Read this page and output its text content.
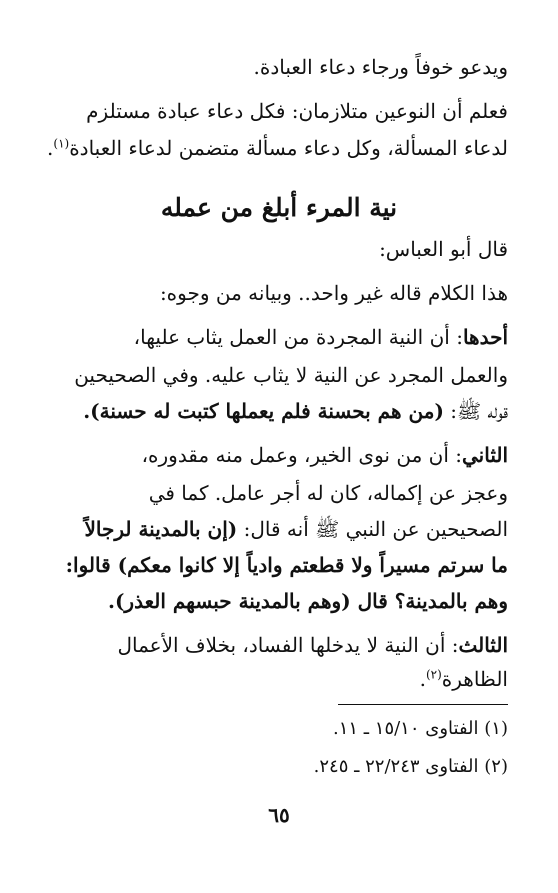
ويدعو خوفاً ورجاء دعاء العبادة.
فعلم أن النوعين متلازمان: فكل دعاء عبادة مستلزم
لدعاء المسألة، وكل دعاء مسألة متضمن لدعاء العبادة$^{(١)}$.
نية المرء أبلغ من عمله
قال أبو العباس:
هذا الكلام قاله غير واحد.. وبيانه من وجوه:
أحدها: أن النية المجردة من العمل يثاب عليها،
والعمل المجرد عن النية لا يثاب عليه. وفي الصحيحين
قوله ﷺ: (من هم بحسنة فلم يعملها كتبت له حسنة).
الثاني: أن من نوى الخير، وعمل منه مقدوره،
وعجز عن إكماله، كان له أجر عامل. كما في
الصحيحين عن النبي ﷺ أنه قال: (إن بالمدينة لرجالاً
ما سرتم مسيراً ولا قطعتم وادياً إلا كانوا معكم) قالوا:
وهم بالمدينة؟ قال (وهم بالمدينة حبسهم العذر).
الثالث: أن النية لا يدخلها الفساد، بخلاف الأعمال
الظاهرة$^{(٢)}$.
(١) الفتاوى ١٥/١٠ ـ ١١.
(٢) الفتاوى ٢٢/٢٤٣ ـ ٢٤٥.
٦٥
